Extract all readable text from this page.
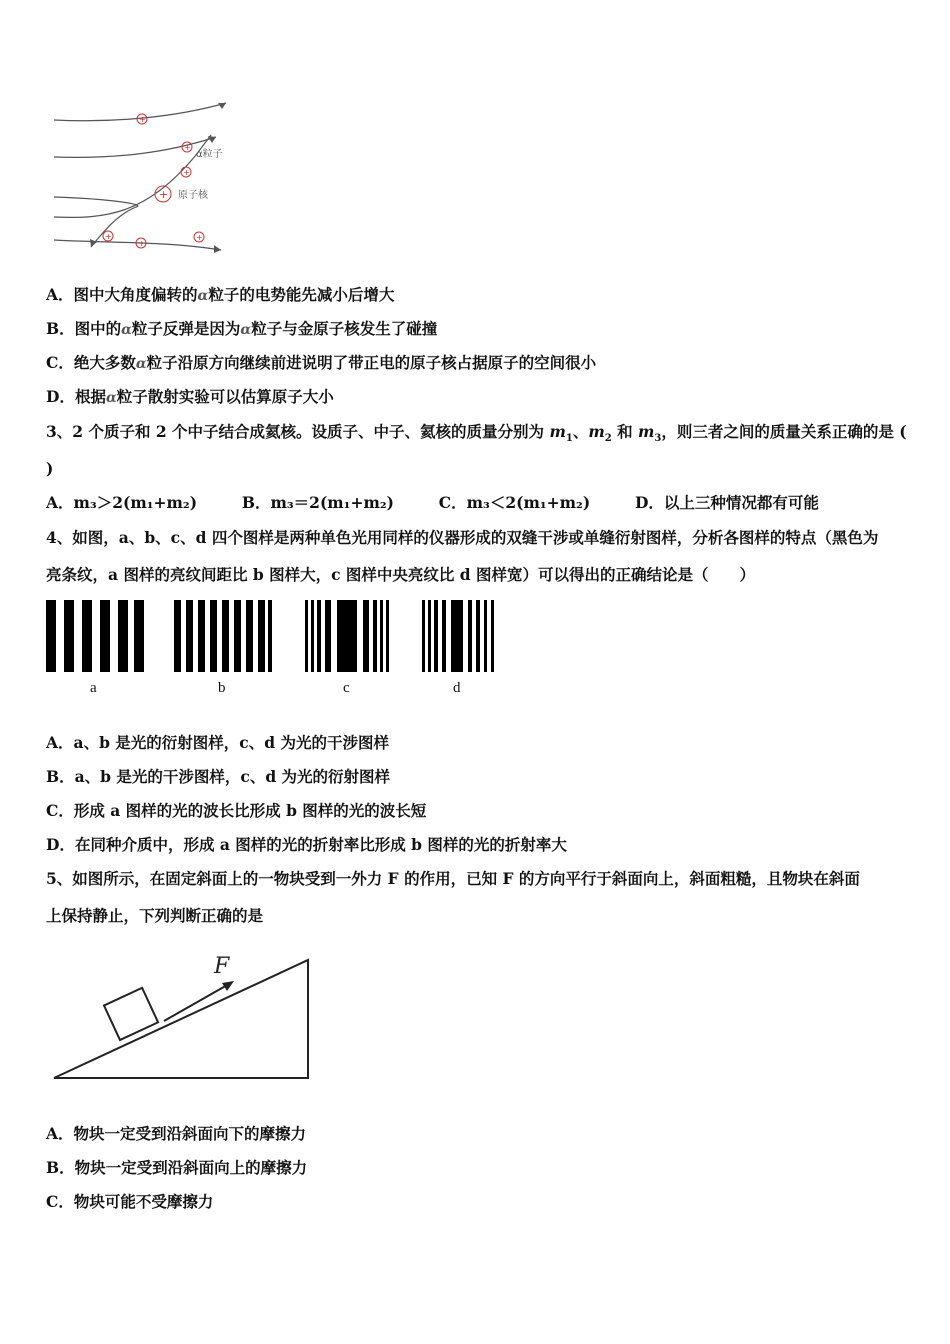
+
+
+
+
+
+
+
α粒子
原子核
A．图中大角度偏转的α粒子的电势能先减小后增大
B．图中的α粒子反弹是因为α粒子与金原子核发生了碰撞
C．绝大多数α粒子沿原方向继续前进说明了带正电的原子核占据原子的空间很小
D．根据α粒子散射实验可以估算原子大小
3、2 个质子和 2 个中子结合成氦核。设质子、中子、氦核的质量分别为 $m_1$、$m_2$ 和 $m_3$，则三者之间的质量关系正确的是 (
)
A．m₃＞2(m₁+m₂)	B．m₃＝2(m₁+m₂)	C．m₃＜2(m₁+m₂)	D．以上三种情况都有可能
4、如图，a、b、c、d 四个图样是两种单色光用同样的仪器形成的双缝干涉或单缝衍射图样，分析各图样的特点（黑色为
亮条纹，a 图样的亮纹间距比 b 图样大，c 图样中央亮纹比 d 图样宽）可以得出的正确结论是（　　）
a	b	c	d
A．a、b 是光的衍射图样，c、d 为光的干涉图样
B．a、b 是光的干涉图样，c、d 为光的衍射图样
C．形成 a 图样的光的波长比形成 b 图样的光的波长短
D．在同种介质中，形成 a 图样的光的折射率比形成 b 图样的光的折射率大
5、如图所示，在固定斜面上的一物块受到一外力 F 的作用，已知 F 的方向平行于斜面向上，斜面粗糙，且物块在斜面
上保持静止，下列判断正确的是
F
A．物块一定受到沿斜面向下的摩擦力
B．物块一定受到沿斜面向上的摩擦力
C．物块可能不受摩擦力
